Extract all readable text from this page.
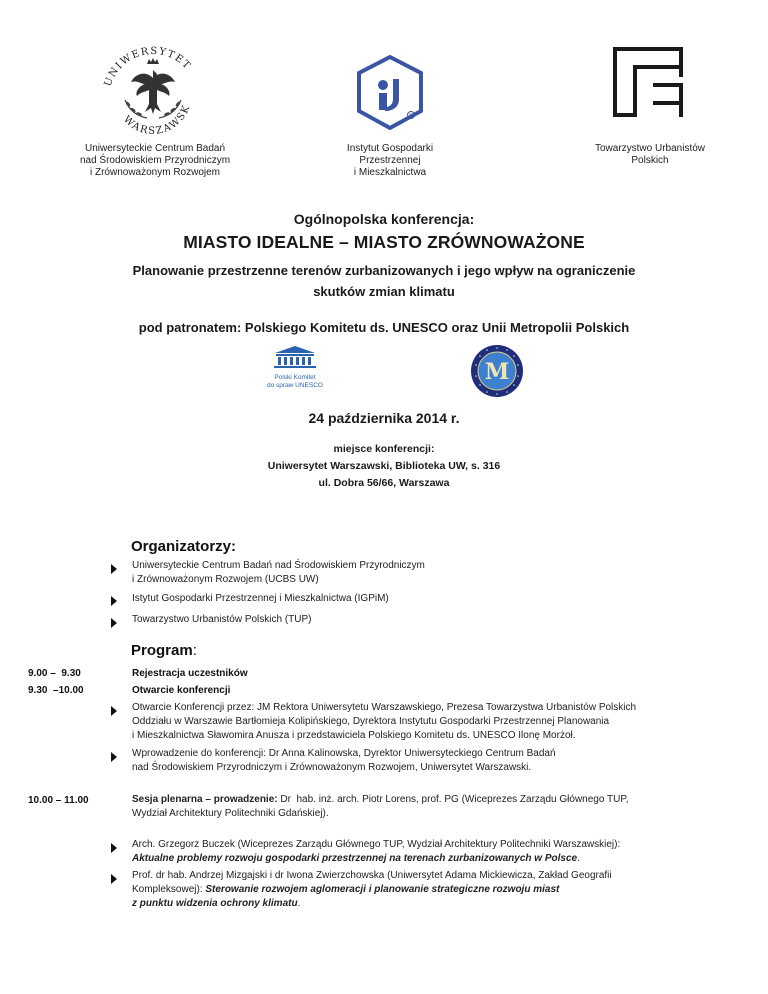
UNIWERSYTET
WARSZAWSK
Uniwersyteckie Centrum Badań
nad Środowiskiem Przyrodniczym
i Zrównoważonym Rozwojem
R
Instytut Gospodarki
Przestrzennej
i Mieszkalnictwa
Towarzystwo Urbanistów
Polskich
Ogólnopolska konferencja:
MIASTO IDEALNE – MIASTO ZRÓWNOWAŻONE
Planowanie przestrzenne terenów zurbanizowanych i jego wpływ na ograniczenie
skutków zmian klimatu
pod patronatem: Polskiego Komitetu ds. UNESCO oraz Unii Metropolii Polskich
Polski Komitet
do spraw UNESCO
M
24 października 2014 r.
miejsce konferencji:
Uniwersytet Warszawski, Biblioteka UW, s. 316
ul. Dobra 56/66, Warszawa
Organizatorzy:
Uniwersyteckie Centrum Badań nad Środowiskiem Przyrodniczym
i Zrównoważonym Rozwojem (UCBS UW)
Istytut Gospodarki Przestrzennej i Mieszkalnictwa (IGPiM)
Towarzystwo Urbanistów Polskich (TUP)
Program:
9.00 –  9.30	Rejestracja uczestników
9.30  –10.00	Otwarcie konferencji
Otwarcie Konferencji przez: JM Rektora Uniwersytetu Warszawskiego, Prezesa Towarzystwa Urbanistów Polskich
Oddziału w Warszawie Bartłomieja Kolipińskiego, Dyrektora Instytutu Gospodarki Przestrzennej Planowania
i Mieszkalnictwa Sławomira Anusza i przedstawiciela Polskiego Komitetu ds. UNESCO Ilonę Morżoł.
Wprowadzenie do konferencji: Dr Anna Kalinowska, Dyrektor Uniwersyteckiego Centrum Badań
nad Środowiskiem Przyrodniczym i Zrównoważonym Rozwojem, Uniwersytet Warszawski.
10.00 – 11.00	Sesja plenarna – prowadzenie: Dr  hab. inż. arch. Piotr Lorens, prof. PG (Wiceprezes Zarządu Głównego TUP,
Wydział Architektury Politechniki Gdańskiej).
Arch. Grzegorz Buczek (Wiceprezes Zarządu Głównego TUP, Wydział Architektury Politechniki Warszawskiej):
Aktualne problemy rozwoju gospodarki przestrzennej na terenach zurbanizowanych w Polsce.
Prof. dr hab. Andrzej Mizgajski i dr Iwona Zwierzchowska (Uniwersytet Adama Mickiewicza, Zakład Geografii
Kompleksowej): Sterowanie rozwojem aglomeracji i planowanie strategiczne rozwoju miast
z punktu widzenia ochrony klimatu.
